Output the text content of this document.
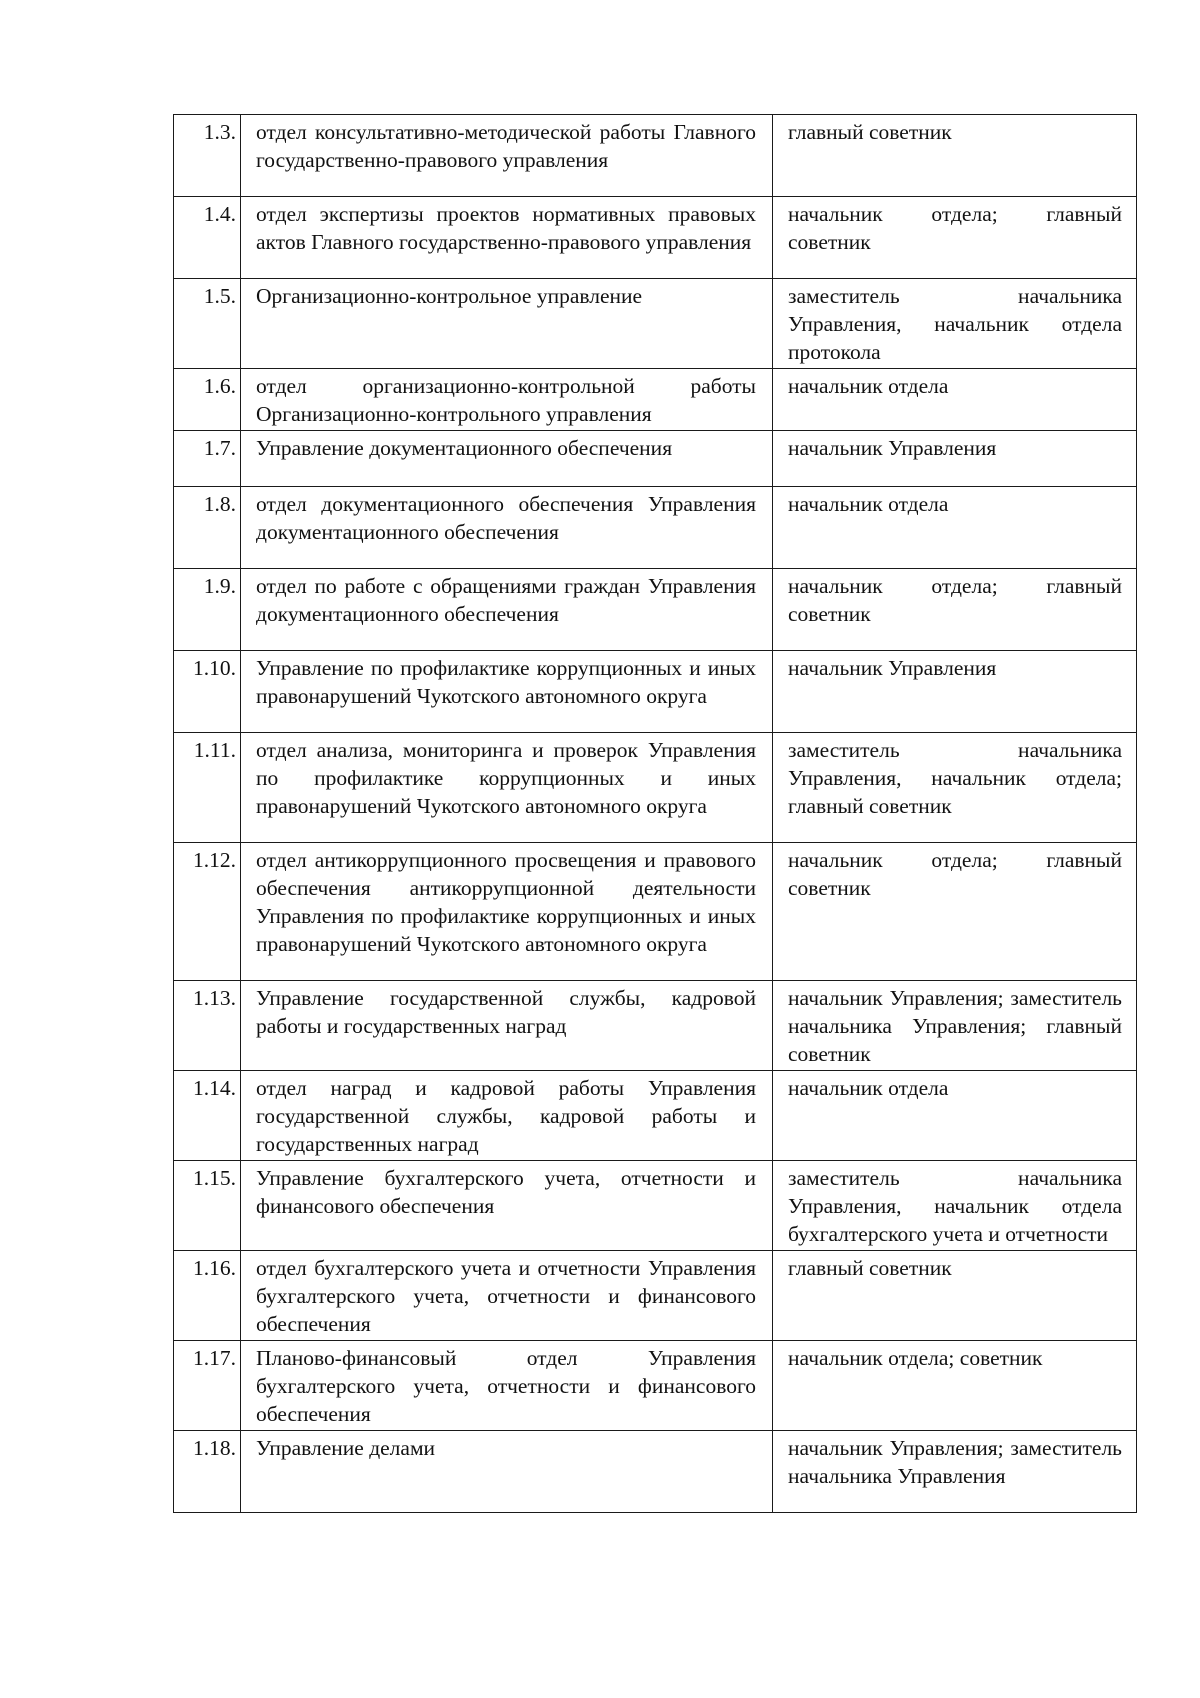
1.3.	отдел консультативно-методической работы Главного государственно-правового управления	главный советник
1.4.	отдел экспертизы проектов нормативных правовых актов Главного государственно-правового управления	начальник отдела; главный советник
1.5.	Организационно-контрольное управление	заместитель начальника Управления, начальник отдела протокола
1.6.	отдел организационно-контрольной работы Организационно-контрольного управления	начальник отдела
1.7.	Управление документационного обеспечения	начальник Управления
1.8.	отдел документационного обеспечения Управления документационного обеспечения	начальник отдела
1.9.	отдел по работе с обращениями граждан Управления документационного обеспечения	начальник отдела; главный советник
1.10.	Управление по профилактике коррупционных и иных правонарушений Чукотского автономного округа	начальник Управления
1.11.	отдел анализа, мониторинга и проверок Управления по профилактике коррупционных и иных правонарушений Чукотского автономного округа	заместитель начальника Управления, начальник отдела; главный советник
1.12.	отдел антикоррупционного просвещения и правового обеспечения антикоррупционной деятельности Управления по профилактике коррупционных и иных правонарушений Чукотского автономного округа	начальник отдела; главный советник
1.13.	Управление государственной службы, кадровой работы и государственных наград	начальник Управления; заместитель начальника Управления; главный советник
1.14.	отдел наград и кадровой работы Управления государственной службы, кадровой работы и государственных наград	начальник отдела
1.15.	Управление бухгалтерского учета, отчетности и финансового обеспечения	заместитель начальника Управления, начальник отдела бухгалтерского учета и отчетности
1.16.	отдел бухгалтерского учета и отчетности Управления бухгалтерского учета, отчетности и финансового обеспечения	главный советник
1.17.	Планово-финансовый отдел Управления бухгалтерского учета, отчетности и финансового обеспечения	начальник отдела; советник
1.18.	Управление делами	начальник Управления; заместитель начальника Управления
